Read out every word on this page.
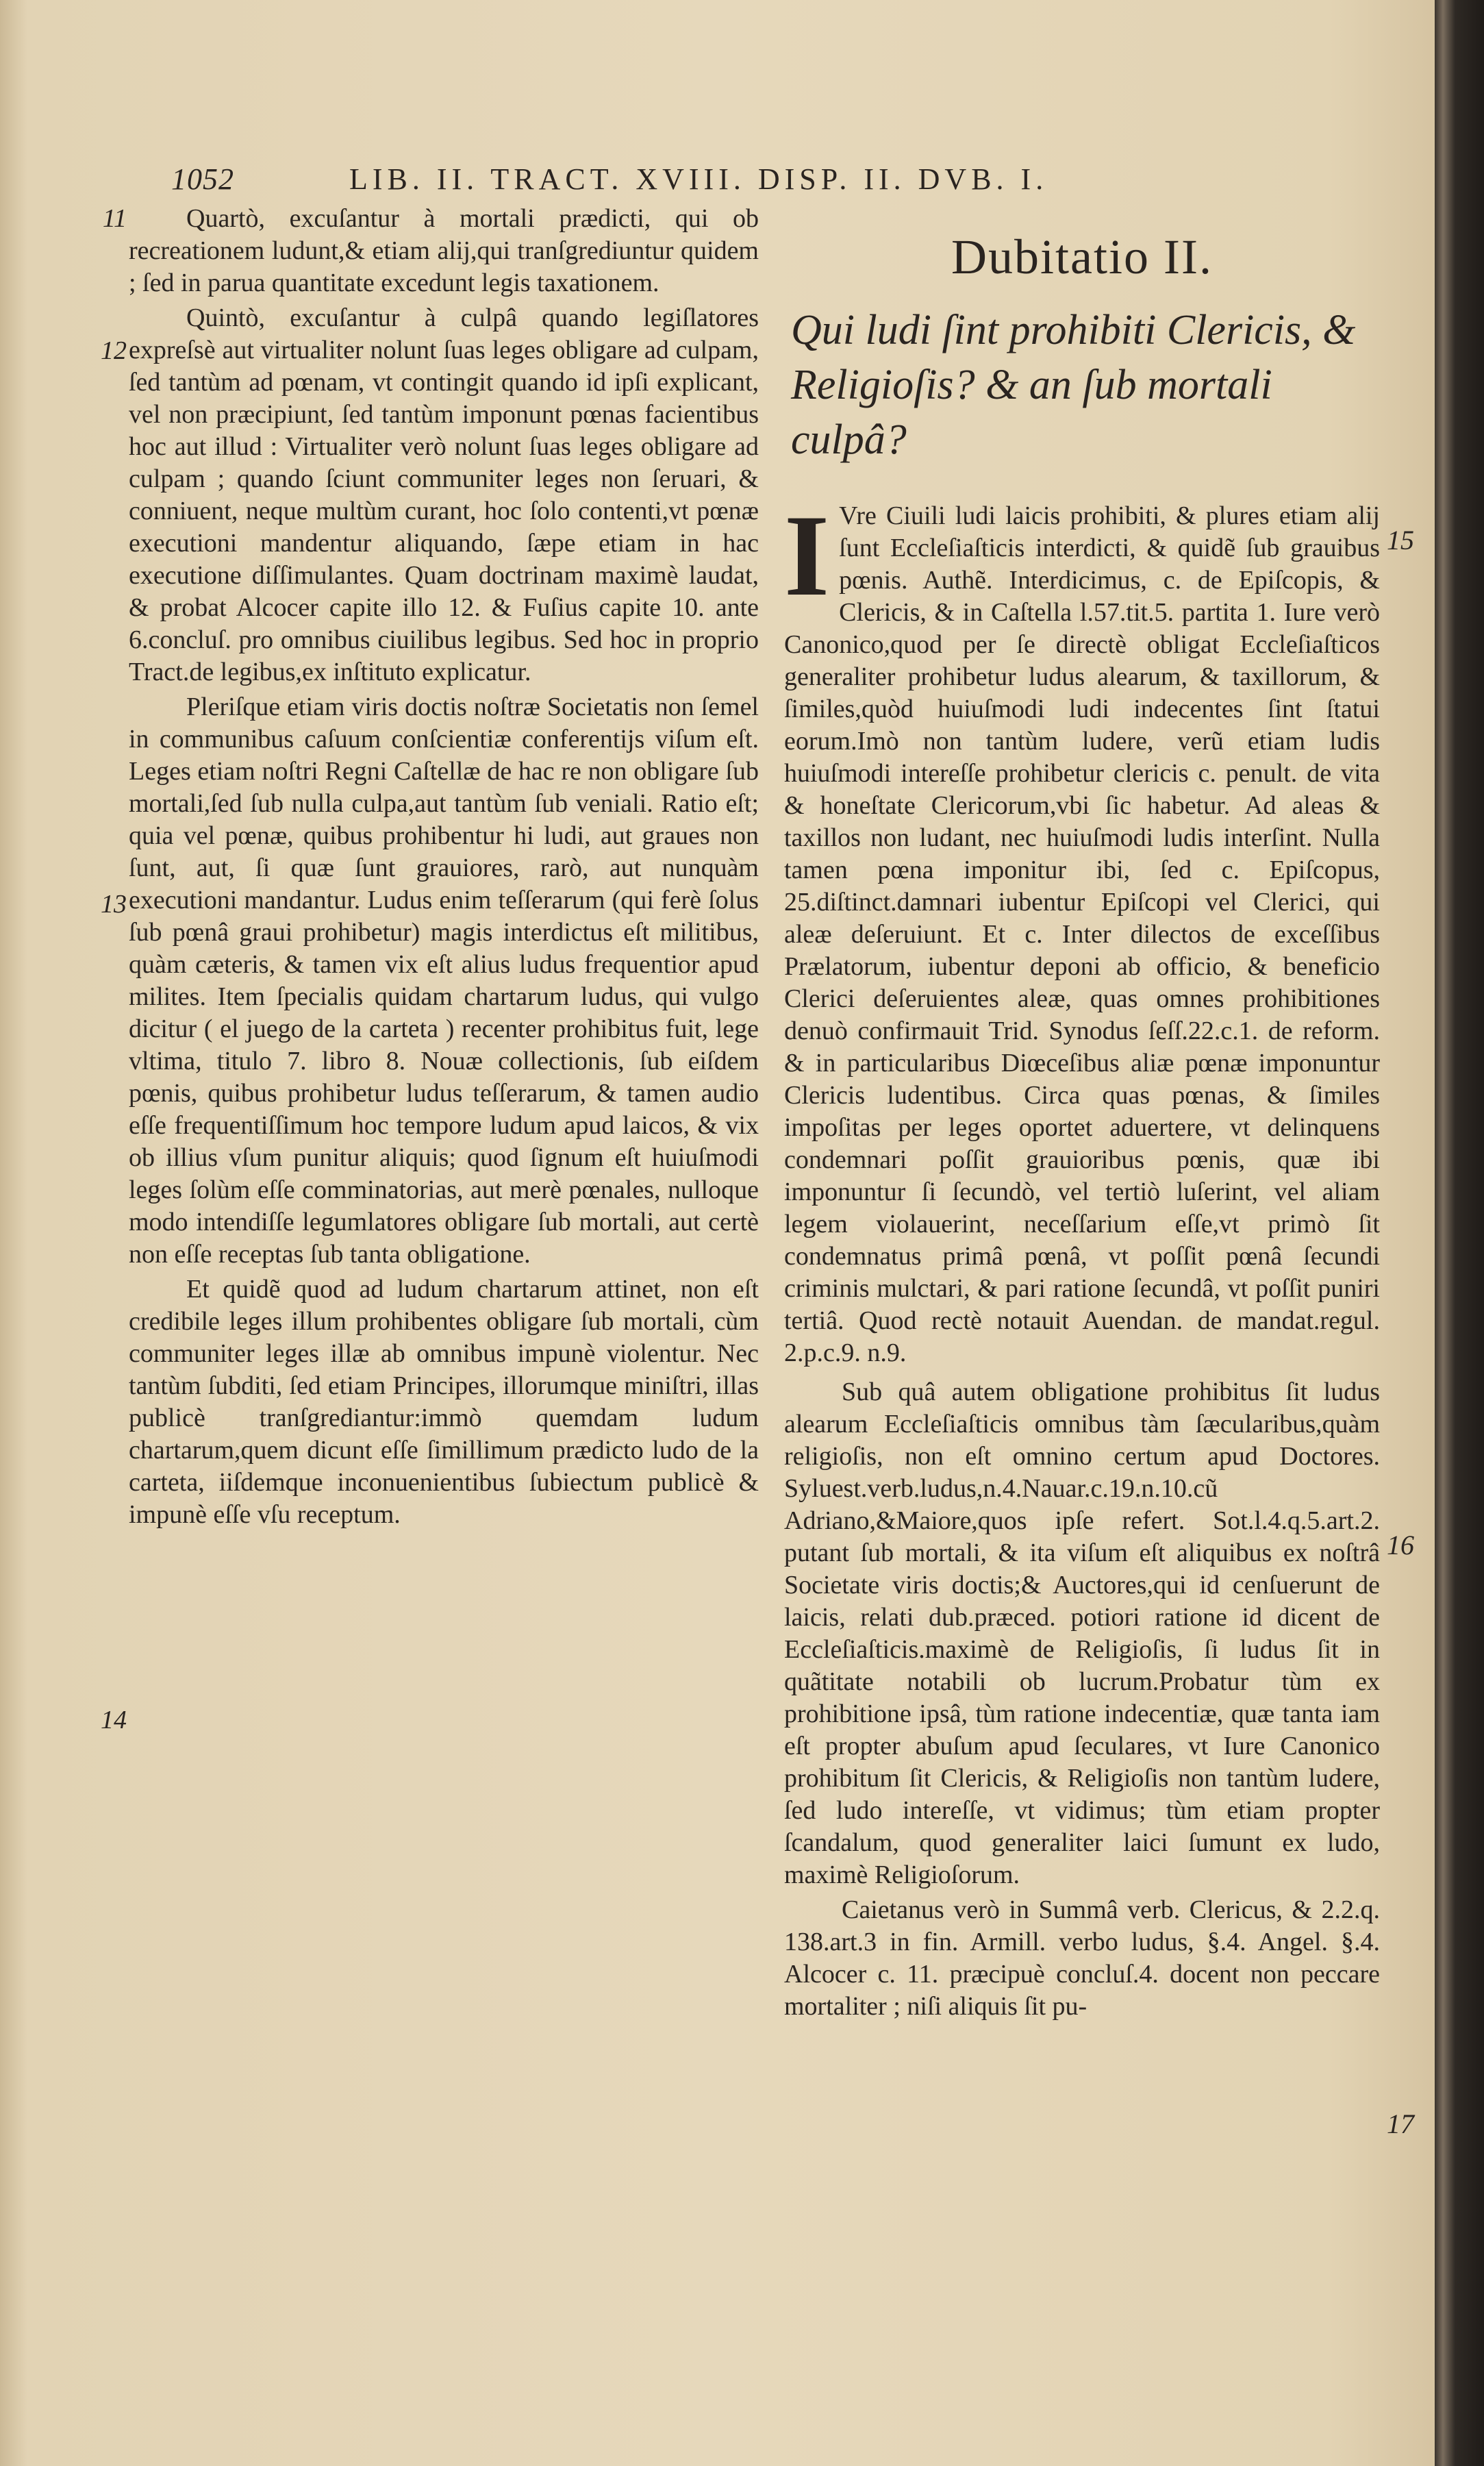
1052	LIB. II. TRACT. XVIII. DISP. II. DVB. I.

Quartò, excuſantur à mortali prædicti, qui ob recreationem ludunt,& etiam alij,qui tranſgrediuntur quidem ; ſed in parua quantitate excedunt legis taxationem.

Quintò, excuſantur à culpâ quando legiſlatores expreſsè aut virtualiter nolunt ſuas leges obligare ad culpam, ſed tantùm ad pœnam, vt contingit quando id ipſi explicant, vel non præcipiunt, ſed tantùm imponunt pœnas facientibus hoc aut illud : Virtualiter verò nolunt ſuas leges obligare ad culpam ; quando ſciunt communiter leges non ſeruari, & conniuent, neque multùm curant, hoc ſolo contenti,vt pœnæ executioni mandentur aliquando, ſæpe etiam in hac executione diſſimulantes. Quam doctrinam maximè laudat, & probat Alcocer capite illo 12. & Fuſius capite 10. ante 6.concluſ. pro omnibus ciuilibus legibus. Sed hoc in proprio Tract.de legibus,ex inſtituto explicatur.

Pleriſque etiam viris doctis noſtræ Societatis non ſemel in communibus caſuum conſcientiæ conferentijs viſum eſt. Leges etiam noſtri Regni Caſtellæ de hac re non obligare ſub mortali,ſed ſub nulla culpa,aut tantùm ſub veniali. Ratio eſt; quia vel pœnæ, quibus prohibentur hi ludi, aut graues non ſunt, aut, ſi quæ ſunt grauiores, rarò, aut nunquàm executioni mandantur. Ludus enim teſſerarum (qui ferè ſolus ſub pœnâ graui prohibetur) magis interdictus eſt militibus, quàm cæteris, & tamen vix eſt alius ludus frequentior apud milites. Item ſpecialis quidam chartarum ludus, qui vulgo dicitur ( el juego de la carteta ) recenter prohibitus fuit, lege vltima, titulo 7. libro 8. Nouæ collectionis, ſub eiſdem pœnis, quibus prohibetur ludus teſſerarum, & tamen audio eſſe frequentiſſimum hoc tempore ludum apud laicos, & vix ob illius vſum punitur aliquis; quod ſignum eſt huiuſmodi leges ſolùm eſſe comminatorias, aut merè pœnales, nulloque modo intendiſſe legumlatores obligare ſub mortali, aut certè non eſſe receptas ſub tanta obligatione.

Et quidẽ quod ad ludum chartarum attinet, non eſt credibile leges illum prohibentes obligare ſub mortali, cùm communiter leges illæ ab omnibus impunè violentur. Nec tantùm ſubditi, ſed etiam Principes, illorumque miniſtri, illas publicè tranſgrediantur:immò quemdam ludum chartarum,quem dicunt eſſe ſimillimum prædicto ludo de la carteta, iiſdemque inconuenientibus ſubiectum publicè & impunè eſſe vſu receptum.

11
12
13
14
Dubitatio II.
Qui ludi ſint prohibiti Clericis, & Religioſis? & an ſub mortali culpâ?

I Vre Ciuili ludi laicis prohibiti, & plures etiam alij ſunt Eccleſiaſticis interdicti, & quidẽ ſub grauibus pœnis. Authẽ. Interdicimus, c. de Epiſcopis, & Clericis, & in Caſtella l.57.tit.5. partita 1. Iure verò Canonico,quod per ſe directè obligat Eccleſiaſticos generaliter prohibetur ludus alearum, & taxillorum, & ſimiles,quòd huiuſmodi ludi indecentes ſint ſtatui eorum.Imò non tantùm ludere, verũ etiam ludis huiuſmodi intereſſe prohibetur clericis c. penult. de vita & honeſtate Clericorum,vbi ſic habetur. Ad aleas & taxillos non ludant, nec huiuſmodi ludis interſint. Nulla tamen pœna imponitur ibi, ſed c. Epiſcopus, 25.diſtinct.damnari iubentur Epiſcopi vel Clerici, qui aleæ deſeruiunt. Et c. Inter dilectos de exceſſibus Prælatorum, iubentur deponi ab officio, & beneficio Clerici deſeruientes aleæ, quas omnes prohibitiones denuò confirmauit Trid. Synodus ſeſſ.22.c.1. de reform. & in particularibus Diœceſibus aliæ pœnæ imponuntur Clericis ludentibus. Circa quas pœnas, & ſimiles impoſitas per leges oportet aduertere, vt delinquens condemnari poſſit grauioribus pœnis, quæ ibi imponuntur ſi ſecundò, vel tertiò luſerint, vel aliam legem violauerint, neceſſarium eſſe,vt primò ſit condemnatus primâ pœnâ, vt poſſit pœnâ ſecundi criminis mulctari, & pari ratione ſecundâ, vt poſſit puniri tertiâ. Quod rectè notauit Auendan. de mandat.regul. 2.p.c.9. n.9.

Sub quâ autem obligatione prohibitus ſit ludus alearum Eccleſiaſticis omnibus tàm ſæcularibus,quàm religioſis, non eſt omnino certum apud Doctores. Syluest.verb.ludus,n.4.Nauar.c.19.n.10.cũ Adriano,&Maiore,quos ipſe refert. Sot.l.4.q.5.art.2. putant ſub mortali, & ita viſum eſt aliquibus ex noſtrâ Societate viris doctis;& Auctores,qui id cenſuerunt de laicis, relati dub.præced. potiori ratione id dicent de Eccleſiaſticis.maximè de Religioſis, ſi ludus ſit in quãtitate notabili ob lucrum.Probatur tùm ex prohibitione ipsâ, tùm ratione indecentiæ, quæ tanta iam eſt propter abuſum apud ſeculares, vt Iure Canonico prohibitum ſit Clericis, & Religioſis non tantùm ludere, ſed ludo intereſſe, vt vidimus; tùm etiam propter ſcandalum, quod generaliter laici ſumunt ex ludo, maximè Religioſorum.

Caietanus verò in Summâ verb. Clericus, & 2.2.q. 138.art.3 in fin. Armill. verbo ludus, §.4. Angel. §.4. Alcocer c. 11. præcipuè concluſ.4. docent non peccare mortaliter ; niſi aliquis ſit pu-

15
16
17
